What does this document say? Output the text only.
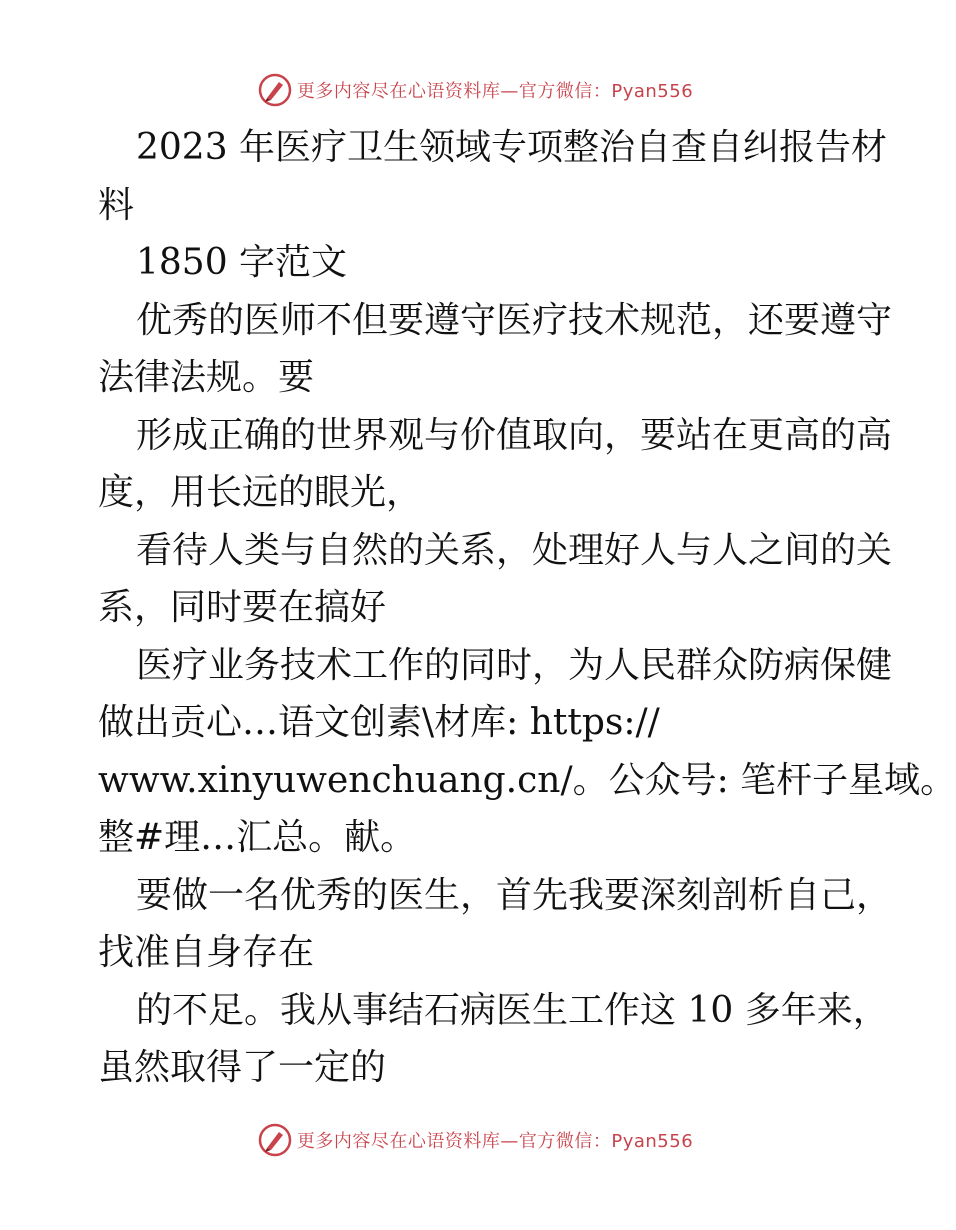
更多内容尽在心语资料库—官方微信：Pyan556
2023 年医疗卫生领域专项整治自查自纠报告材
料
1850 字范文
优秀的医师不但要遵守医疗技术规范，还要遵守
法律法规。要
形成正确的世界观与价值取向，要站在更高的高
度，用长远的眼光，
看待人类与自然的关系，处理好人与人之间的关
系，同时要在搞好
医疗业务技术工作的同时，为人民群众防病保健
做出贡心…语文创素\材库: https://
www.xinyuwenchuang.cn/。公众号: 笔杆子星域。
整#理…汇总。献。
要做一名优秀的医生，首先我要深刻剖析自己，
找准自身存在
的不足。我从事结石病医生工作这 10 多年来，
虽然取得了一定的
更多内容尽在心语资料库—官方微信：Pyan556
